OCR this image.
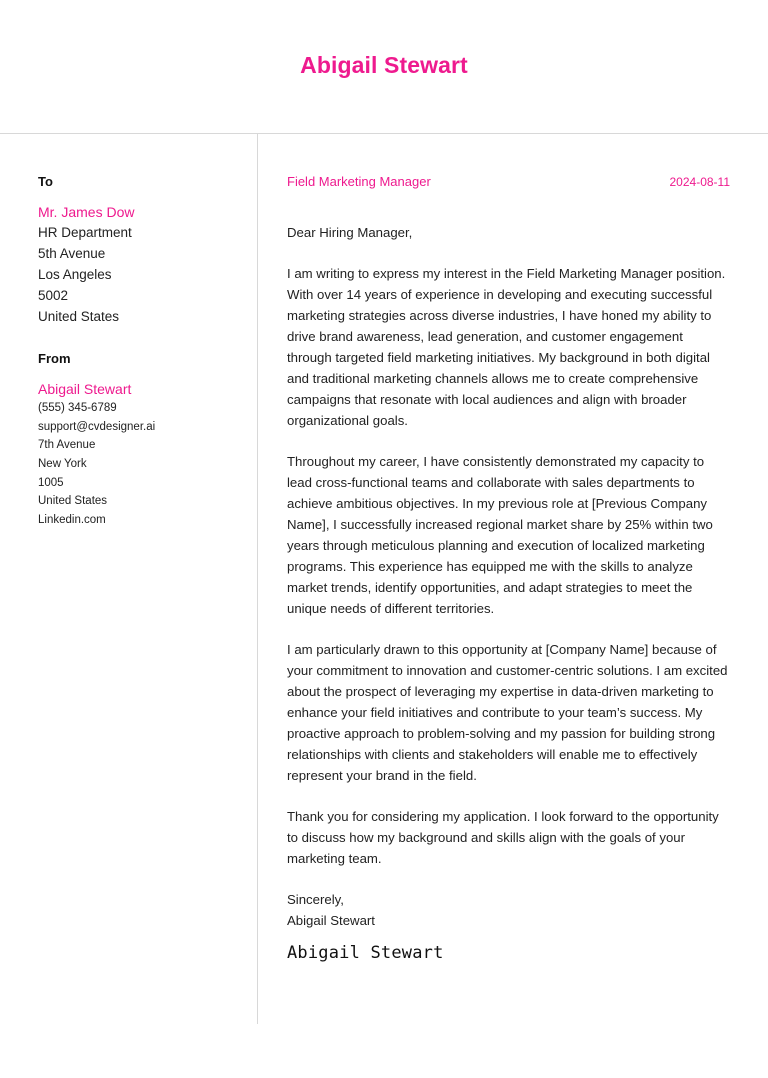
Abigail Stewart
To
Mr. James Dow
HR Department
5th Avenue
Los Angeles
5002
United States
From
Abigail Stewart
(555) 345-6789
support@cvdesigner.ai
7th Avenue
New York
1005
United States
Linkedin.com
Field Marketing Manager	2024-08-11
Dear Hiring Manager,
I am writing to express my interest in the Field Marketing Manager position. With over 14 years of experience in developing and executing successful marketing strategies across diverse industries, I have honed my ability to drive brand awareness, lead generation, and customer engagement through targeted field marketing initiatives. My background in both digital and traditional marketing channels allows me to create comprehensive campaigns that resonate with local audiences and align with broader organizational goals.
Throughout my career, I have consistently demonstrated my capacity to lead cross-functional teams and collaborate with sales departments to achieve ambitious objectives. In my previous role at [Previous Company Name], I successfully increased regional market share by 25% within two years through meticulous planning and execution of localized marketing programs. This experience has equipped me with the skills to analyze market trends, identify opportunities, and adapt strategies to meet the unique needs of different territories.
I am particularly drawn to this opportunity at [Company Name] because of your commitment to innovation and customer-centric solutions. I am excited about the prospect of leveraging my expertise in data-driven marketing to enhance your field initiatives and contribute to your team’s success. My proactive approach to problem-solving and my passion for building strong relationships with clients and stakeholders will enable me to effectively represent your brand in the field.
Thank you for considering my application. I look forward to the opportunity to discuss how my background and skills align with the goals of your marketing team.
Sincerely,
Abigail Stewart
Abigail Stewart
